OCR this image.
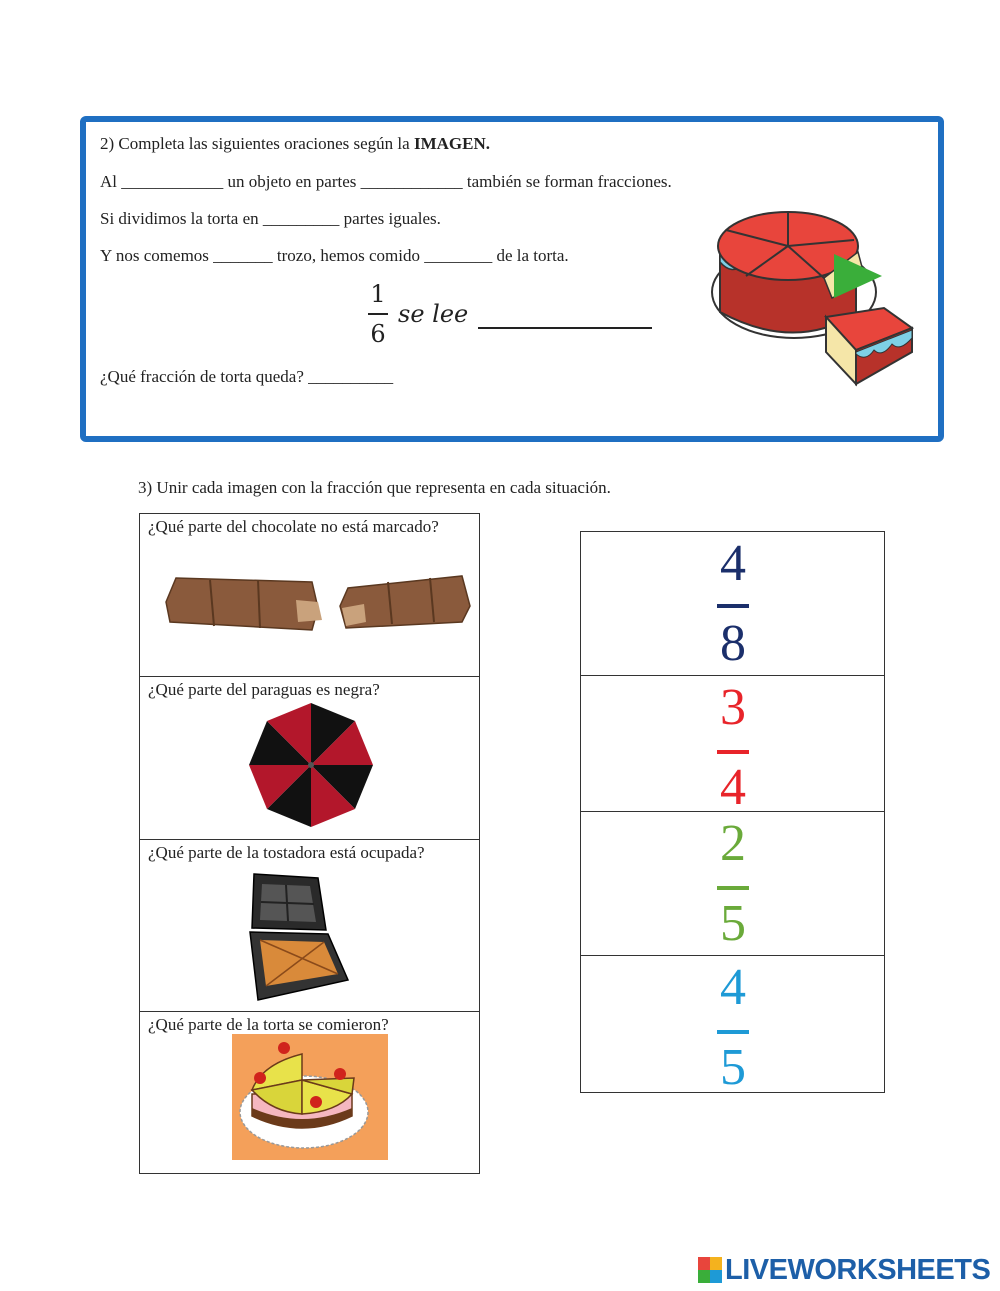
2) Completa las siguientes oraciones según la IMAGEN.
Al ____________ un objeto en partes ____________ también se forman fracciones.
Si dividimos la torta en _________ partes iguales.
Y nos comemos _______ trozo, hemos comido ________ de la torta.
¿Qué fracción de torta queda? __________
1
6
se lee
3) Unir cada imagen con la fracción que representa en cada situación.
¿Qué parte del chocolate no está marcado?
¿Qué parte del paraguas es negra?
¿Qué parte de la tostadora está ocupada?
¿Qué parte de la torta se comieron?
4
8
3
4
2
5
4
5
LIVEWORKSHEETS
